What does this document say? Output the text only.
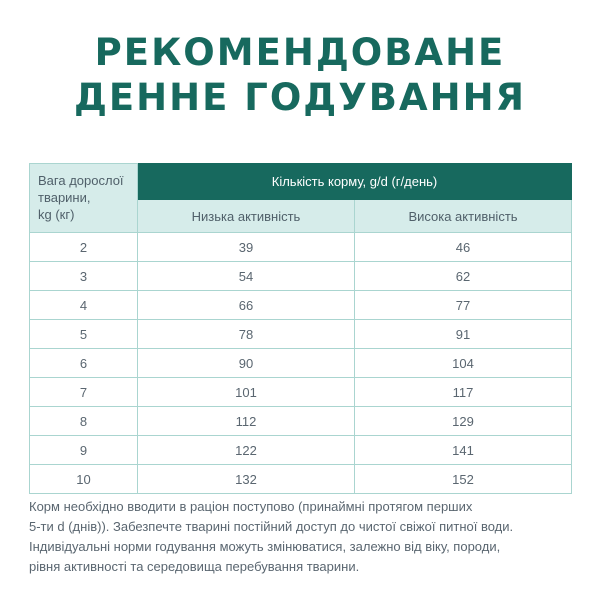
РЕКОМЕНДОВАНЕ
ДЕННЕ ГОДУВАННЯ
Вага дорослої
тварини,
kg (кг)	Кількість корму, g/d (г/день)	
	Низька активність	Висока активність
2	39	46
3	54	62
4	66	77
5	78	91
6	90	104
7	101	117
8	112	129
9	122	141
10	132	152

Корм необхідно вводити в раціон поступово (принаймні протягом перших
5-ти d (днів)). Забезпечте тварині постійний доступ до чистої свіжої питної води.
Індивідуальні норми годування можуть змінюватися, залежно від віку, породи,
рівня активності та середовища перебування тварини.
